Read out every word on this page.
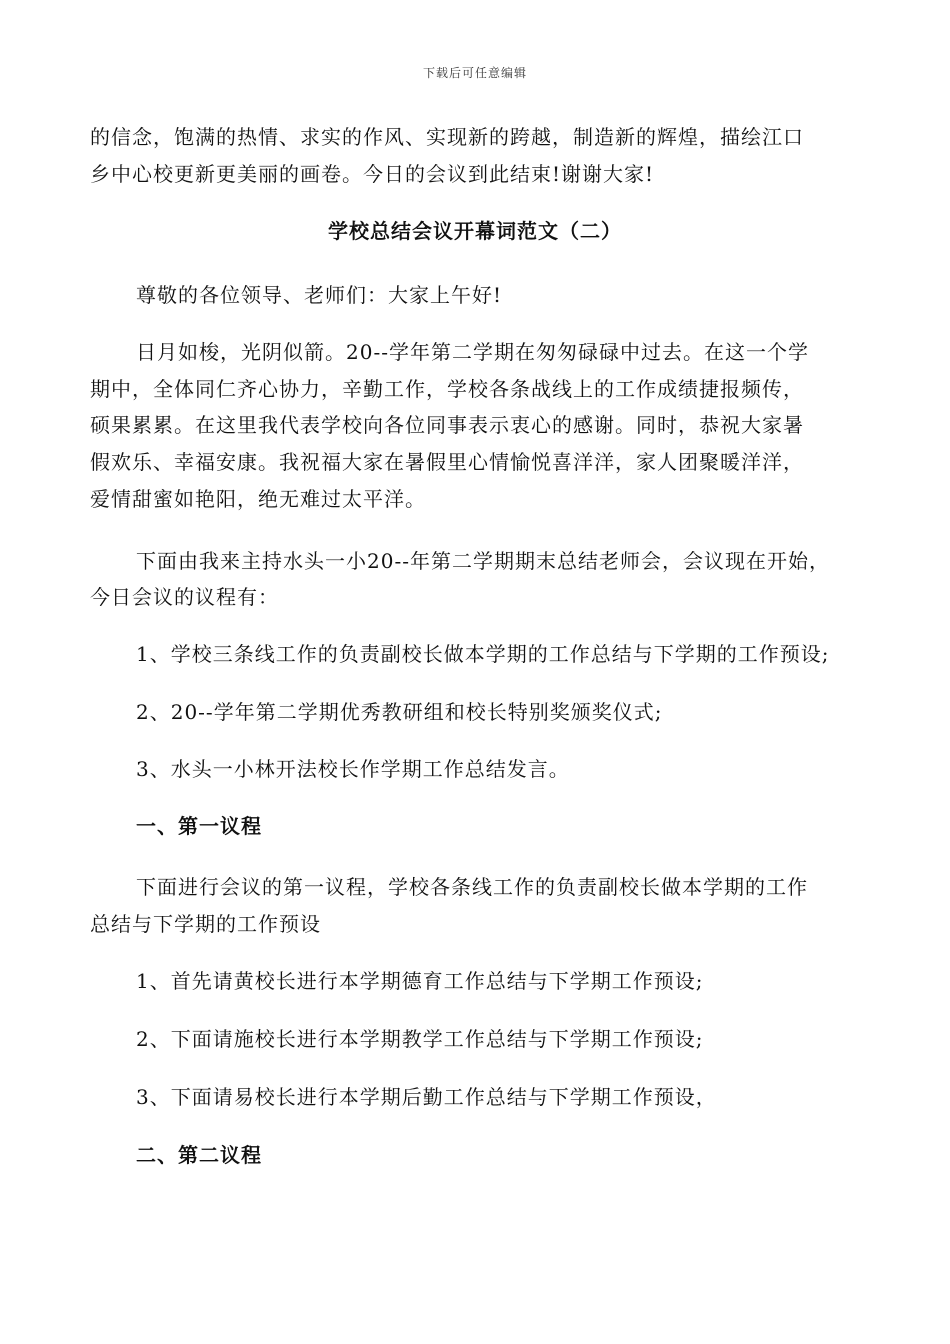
下载后可任意编辑
的信念，饱满的热情、求实的作风、实现新的跨越，制造新的辉煌，描绘江口
乡中心校更新更美丽的画卷。今日的会议到此结束!谢谢大家!
学校总结会议开幕词范文（二）
尊敬的各位领导、老师们：大家上午好!
日月如梭，光阴似箭。20--学年第二学期在匆匆碌碌中过去。在这一个学
期中，全体同仁齐心协力，辛勤工作，学校各条战线上的工作成绩捷报频传，
硕果累累。在这里我代表学校向各位同事表示衷心的感谢。同时，恭祝大家暑
假欢乐、幸福安康。我祝福大家在暑假里心情愉悦喜洋洋，家人团聚暖洋洋，
爱情甜蜜如艳阳，绝无难过太平洋。
下面由我来主持水头一小20--年第二学期期末总结老师会，会议现在开始，
今日会议的议程有：
1、学校三条线工作的负责副校长做本学期的工作总结与下学期的工作预设;
2、20--学年第二学期优秀教研组和校长特别奖颁奖仪式;
3、水头一小林开法校长作学期工作总结发言。
一、第一议程
下面进行会议的第一议程，学校各条线工作的负责副校长做本学期的工作
总结与下学期的工作预设
1、首先请黄校长进行本学期德育工作总结与下学期工作预设;
2、下面请施校长进行本学期教学工作总结与下学期工作预设;
3、下面请易校长进行本学期后勤工作总结与下学期工作预设，
二、第二议程
